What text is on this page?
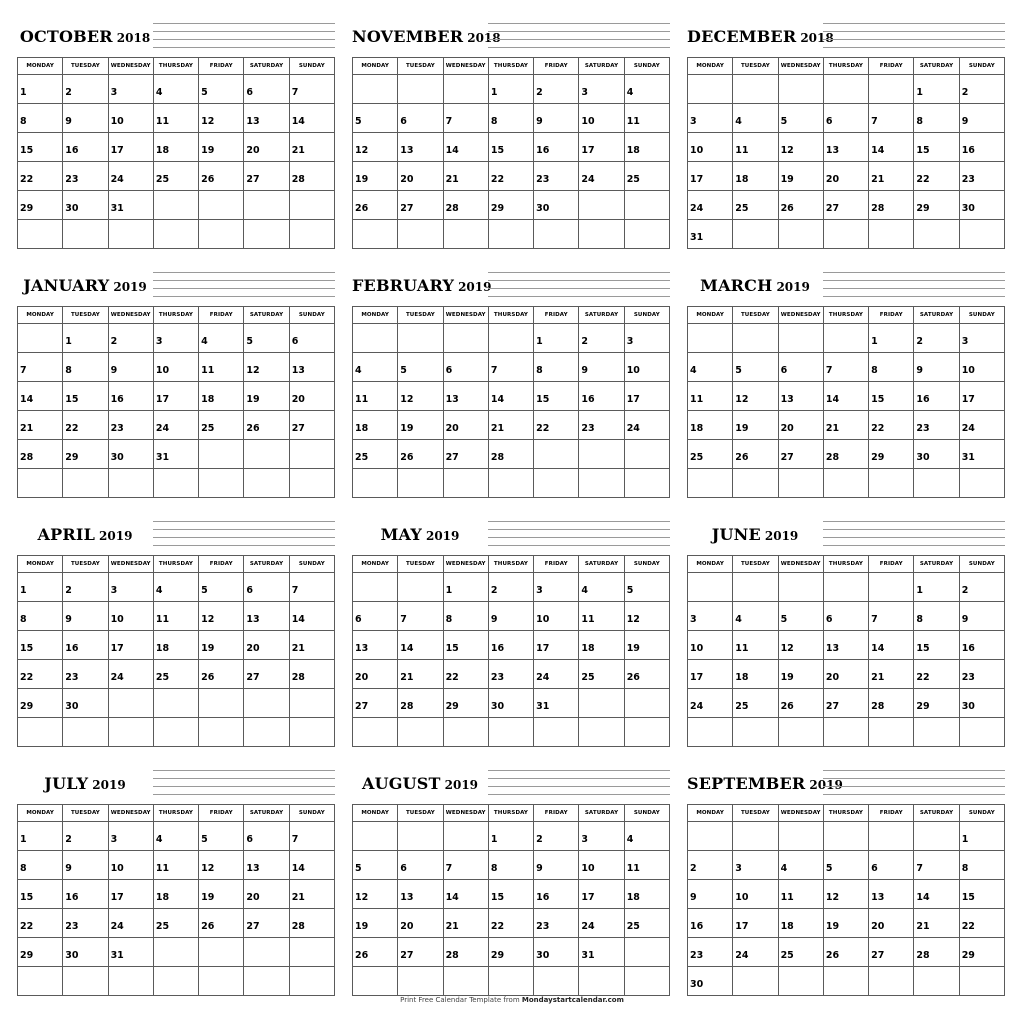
OCTOBER 2018
MONDAY	TUESDAY	WEDNESDAY	THURSDAY	FRIDAY	SATURDAY	SUNDAY
1	2	3	4	5	6	7
8	9	10	11	12	13	14
15	16	17	18	19	20	21
22	23	24	25	26	27	28
29	30	31				

NOVEMBER 2018
MONDAY	TUESDAY	WEDNESDAY	THURSDAY	FRIDAY	SATURDAY	SUNDAY
			1	2	3	4
5	6	7	8	9	10	11
12	13	14	15	16	17	18
19	20	21	22	23	24	25
26	27	28	29	30		

DECEMBER 2018
MONDAY	TUESDAY	WEDNESDAY	THURSDAY	FRIDAY	SATURDAY	SUNDAY
					1	2
3	4	5	6	7	8	9
10	11	12	13	14	15	16
17	18	19	20	21	22	23
24	25	26	27	28	29	30
31						
JANUARY 2019
MONDAY	TUESDAY	WEDNESDAY	THURSDAY	FRIDAY	SATURDAY	SUNDAY
	1	2	3	4	5	6
7	8	9	10	11	12	13
14	15	16	17	18	19	20
21	22	23	24	25	26	27
28	29	30	31			

FEBRUARY 2019
MONDAY	TUESDAY	WEDNESDAY	THURSDAY	FRIDAY	SATURDAY	SUNDAY
				1	2	3
4	5	6	7	8	9	10
11	12	13	14	15	16	17
18	19	20	21	22	23	24
25	26	27	28			

MARCH 2019
MONDAY	TUESDAY	WEDNESDAY	THURSDAY	FRIDAY	SATURDAY	SUNDAY
				1	2	3
4	5	6	7	8	9	10
11	12	13	14	15	16	17
18	19	20	21	22	23	24
25	26	27	28	29	30	31

APRIL 2019
MONDAY	TUESDAY	WEDNESDAY	THURSDAY	FRIDAY	SATURDAY	SUNDAY
1	2	3	4	5	6	7
8	9	10	11	12	13	14
15	16	17	18	19	20	21
22	23	24	25	26	27	28
29	30					

MAY 2019
MONDAY	TUESDAY	WEDNESDAY	THURSDAY	FRIDAY	SATURDAY	SUNDAY
		1	2	3	4	5
6	7	8	9	10	11	12
13	14	15	16	17	18	19
20	21	22	23	24	25	26
27	28	29	30	31		

JUNE 2019
MONDAY	TUESDAY	WEDNESDAY	THURSDAY	FRIDAY	SATURDAY	SUNDAY
					1	2
3	4	5	6	7	8	9
10	11	12	13	14	15	16
17	18	19	20	21	22	23
24	25	26	27	28	29	30

JULY 2019
MONDAY	TUESDAY	WEDNESDAY	THURSDAY	FRIDAY	SATURDAY	SUNDAY
1	2	3	4	5	6	7
8	9	10	11	12	13	14
15	16	17	18	19	20	21
22	23	24	25	26	27	28
29	30	31				

AUGUST 2019
MONDAY	TUESDAY	WEDNESDAY	THURSDAY	FRIDAY	SATURDAY	SUNDAY
			1	2	3	4
5	6	7	8	9	10	11
12	13	14	15	16	17	18
19	20	21	22	23	24	25
26	27	28	29	30	31	

SEPTEMBER 2019
MONDAY	TUESDAY	WEDNESDAY	THURSDAY	FRIDAY	SATURDAY	SUNDAY
						1
2	3	4	5	6	7	8
9	10	11	12	13	14	15
16	17	18	19	20	21	22
23	24	25	26	27	28	29
30						
Print Free Calendar Template from Mondaystartcalendar.com
